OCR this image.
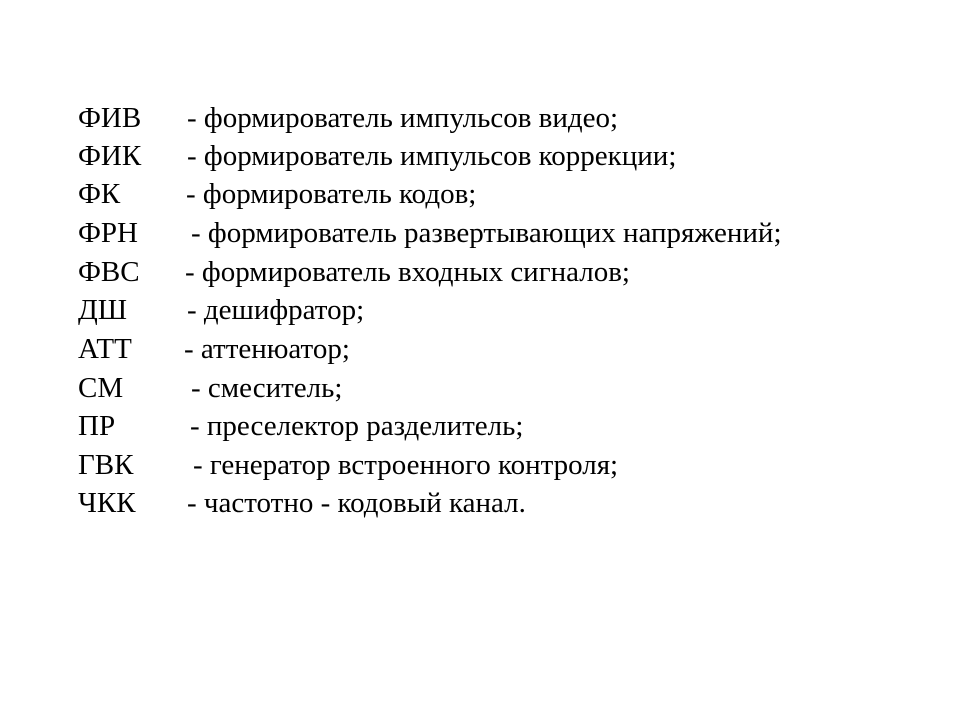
ФИВ - формирователь импульсов видео;
ФИК - формирователь импульсов коррекции;
ФК - формирователь кодов;
ФРН - формирователь развертывающих напряжений;
ФВС - формирователь входных сигналов;
ДШ - дешифратор;
АТТ - аттенюатор;
СМ - смеситель;
ПР	- преселектор разделитель;
ГВК - генератор встроенного контроля;
ЧКК - частотно - кодовый канал.
